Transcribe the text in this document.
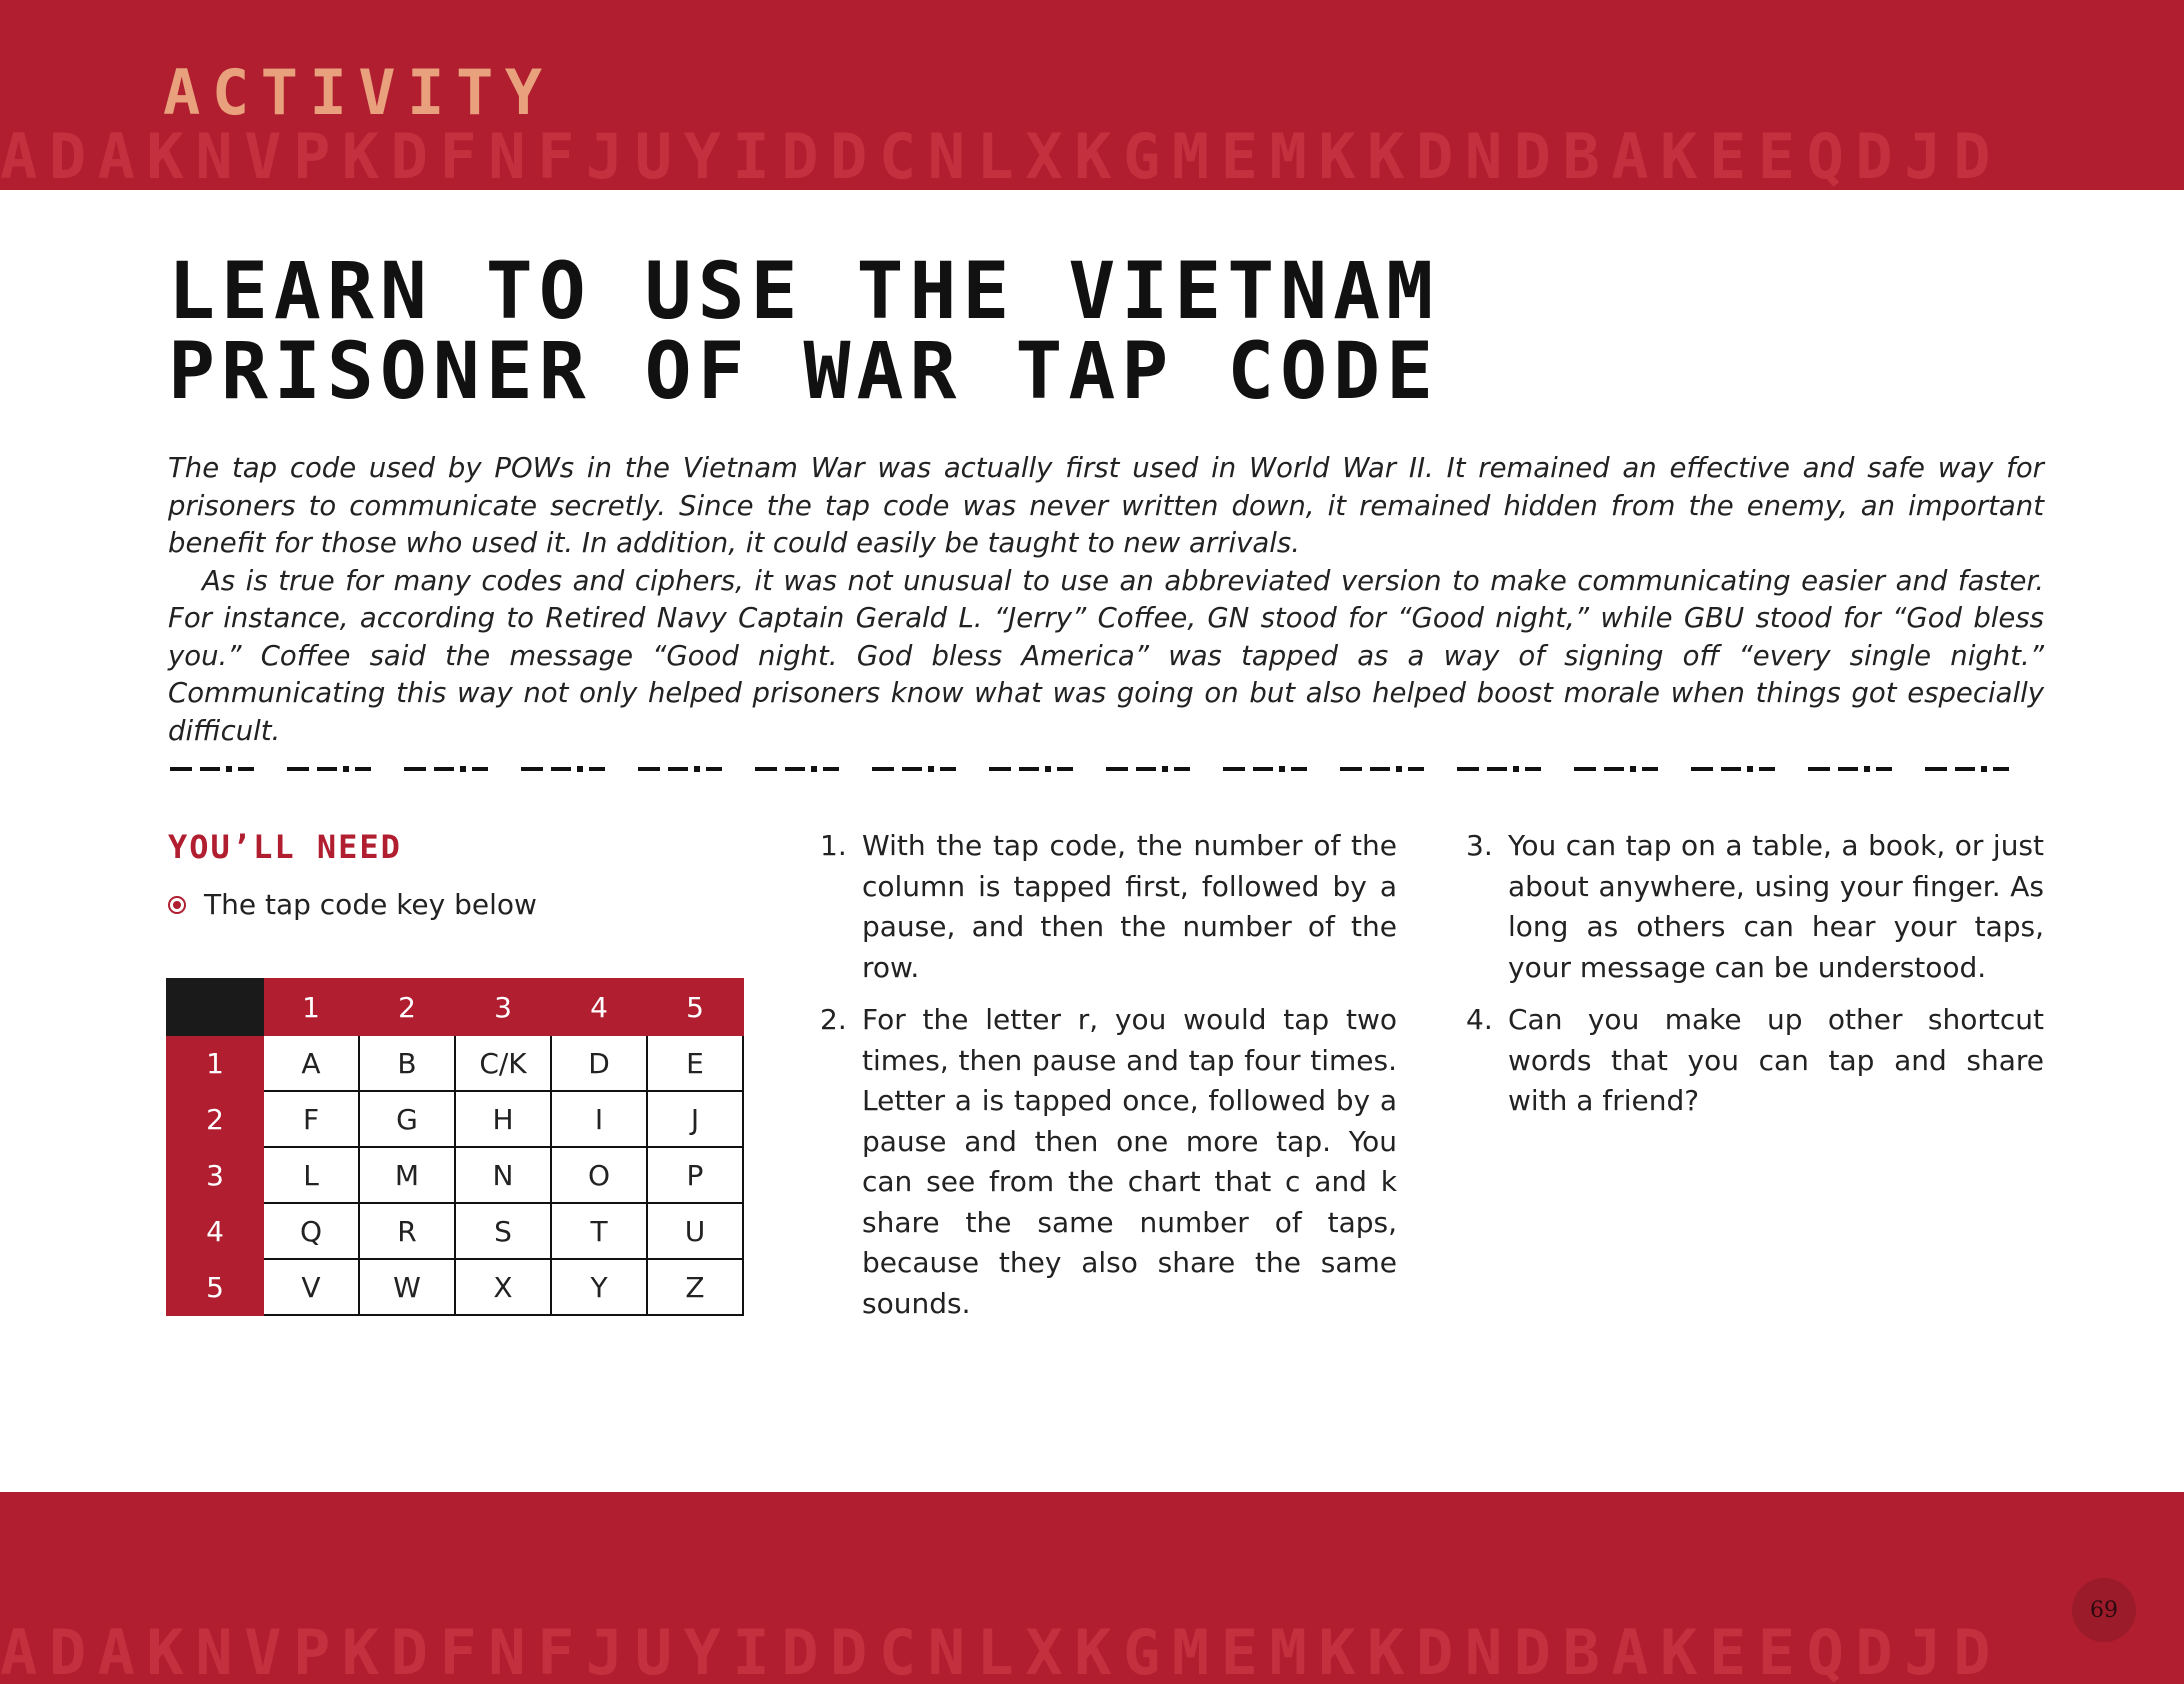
ADAKNVPKDFNFJUYIDDCNLXKGMEMKKDNDBAKEEQDJD

ACTIVITY
LEARN TO USE THE VIETNAM
PRISONER OF WAR TAP CODE

The tap code used by POWs in the Vietnam War was actually first used in World War II. It remained an effective and safe way for prisoners to communicate secretly. Since the tap code was never written down, it remained hidden from the enemy, an important benefit for those who used it. In addition, it could easily be taught to new arrivals.

As is true for many codes and ciphers, it was not unusual to use an abbreviated version to make communicating easier and faster. For instance, according to Retired Navy Captain Gerald L. “Jerry” Coffee, GN stood for “Good night,” while GBU stood for “God bless you.” Coffee said the message “Good night. God bless America” was tapped as a way of signing off “every single night.” Communicating this way not only helped prisoners know what was going on but also helped boost morale when things got especially difficult.

YOU’LL NEED
The tap code key below
	1	2	3	4	5
1	A	B	C/K	D	E
2	F	G	H	I	J
3	L	M	N	O	P
4	Q	R	S	T	U
5	V	W	X	Y	Z
1. With the tap code, the number of the column is tapped first, followed by a pause, and then the number of the row.
2. For the letter r, you would tap two times, then pause and tap four times. Letter a is tapped once, followed by a pause and then one more tap. You can see from the chart that c and k share the same number of taps, because they also share the same sounds.
3. You can tap on a table, a book, or just about anywhere, using your finger. As long as others can hear your taps, your message can be understood.
4. Can you make up other shortcut words that you can tap and share with a friend?

ADAKNVPKDFNFJUYIDDCNLXKGMEMKKDNDBAKEEQDJD

69
